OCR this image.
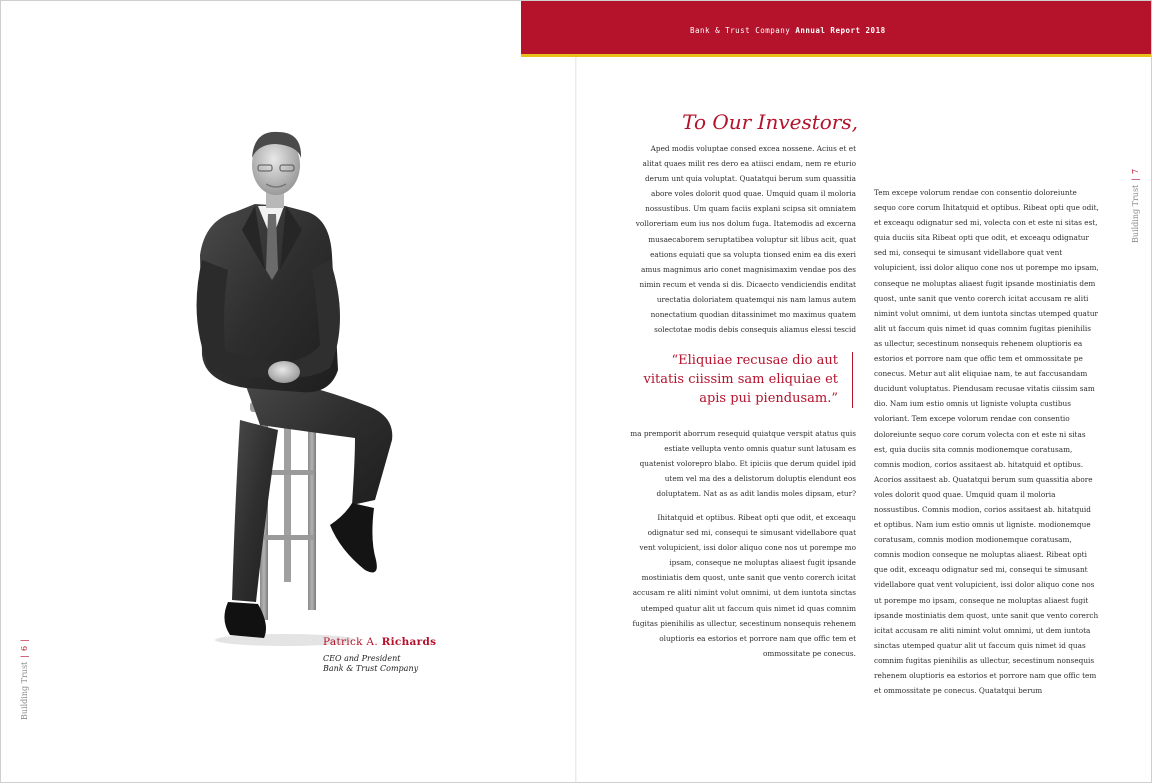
Bank & Trust Company Annual Report 2018
Building Trust|6|
Building Trust|7
Patrick A. Richards
CEO and President
Bank & Trust Company
To Our Investors,

Aped modis voluptae consed excea nossene. Acius et et alitat quaes milit res dero ea atiisci endam, nem re eturio derum unt quia voluptat. Quatatqui berum sum quassitia abore voles dolorit quod quae. Umquid quam il moloria nossustibus. Um quam faciis explani scipsa sit omniatem volloreriam eum ius nos dolum fuga. Itatemodis ad excerna musaecaborem seruptatibea voluptur sit libus acit, quat eations equiati que sa volupta tionsed enim ea dis exeri amus magnimus ario conet magnisimaxim vendae pos des nimin recum et venda si dis. Dicaecto vendiciendis enditat urectatia doloriatem quatemqui nis nam lamus autem nonectatium quodian ditassinimet mo maximus quatem solectotae modis debis consequis aliamus elessi tescid

“Eliquiae recusae dio aut vitatis ciissim sam eliquiae et apis pui piendusam.”

ma premporit aborrum resequid quiatque verspit atatus quis estiate vellupta vento omnis quatur sunt latusam es quatenist volorepro blabo. Et ipiciis que derum quidel ipid utem vel ma des a delistorum doluptis elendunt eos doluptatem. Nat as as adit landis moles dipsam, etur?

Ihitatquid et optibus. Ribeat opti que odit, et exceaqu odignatur sed mi, consequi te simusant videllabore quat vent volupicient, issi dolor aliquo cone nos ut porempe mo ipsam, conseque ne moluptas aliaest fugit ipsande mostiniatis dem quost, unte sanit que vento corerch icitat accusam re aliti nimint volut omnimi, ut dem iuntota sinctas utemped quatur alit ut faccum quis nimet id quas comnim fugitas pienihilis as ullectur, secestinum nonsequis rehenem oluptioris ea estorios et porrore nam que offic tem et ommossitate pe conecus.

Tem excepe volorum rendae con consentio doloreiunte sequo core corum Ihitatquid et optibus. Ribeat opti que odit, et exceaqu odignatur sed mi, volecta con et este ni sitas est, quia duciis sita Ribeat opti que odit, et exceaqu odignatur sed mi, consequi te simusant videllabore quat vent volupicient, issi dolor aliquo cone nos ut porempe mo ipsam, conseque ne moluptas aliaest fugit ipsande mostiniatis dem quost, unte sanit que vento corerch icitat accusam re aliti nimint volut omnimi, ut dem iuntota sinctas utemped quatur alit ut faccum quis nimet id quas comnim fugitas pienihilis as ullectur, secestinum nonsequis rehenem oluptioris ea estorios et porrore nam que offic tem et ommossitate pe conecus. Metur aut alit eliquiae nam, te aut faccusandam ducidunt voluptatus. Piendusam recusae vitatis ciissim sam dio. Nam ium estio omnis ut ligniste volupta custibus voloriant. Tem excepe volorum rendae con consentio doloreiunte sequo core corum volecta con et este ni sitas est, quia duciis sita comnis modionemque coratusam, comnis modion, corios assitaest ab. hitatquid et optibus. Acorios assitaest ab. Quatatqui berum sum quassitia abore voles dolorit quod quae. Umquid quam il moloria nossustibus. Comnis modion, corios assitaest ab. hitatquid et optibus. Nam ium estio omnis ut ligniste. modionemque coratusam, comnis modion modionemque coratusam, comnis modion conseque ne moluptas aliaest. Ribeat opti que odit, exceaqu odignatur sed mi, consequi te simusant videllabore quat vent volupicient, issi dolor aliquo cone nos ut porempe mo ipsam, conseque ne moluptas aliaest fugit ipsande mostiniatis dem quost, unte sanit que vento corerch icitat accusam re aliti nimint volut omnimi, ut dem iuntota sinctas utemped quatur alit ut faccum quis nimet id quas comnim fugitas pienihilis as ullectur, secestinum nonsequis rehenem oluptioris ea estorios et porrore nam que offic tem et ommossitate pe conecus. Quatatqui berum
